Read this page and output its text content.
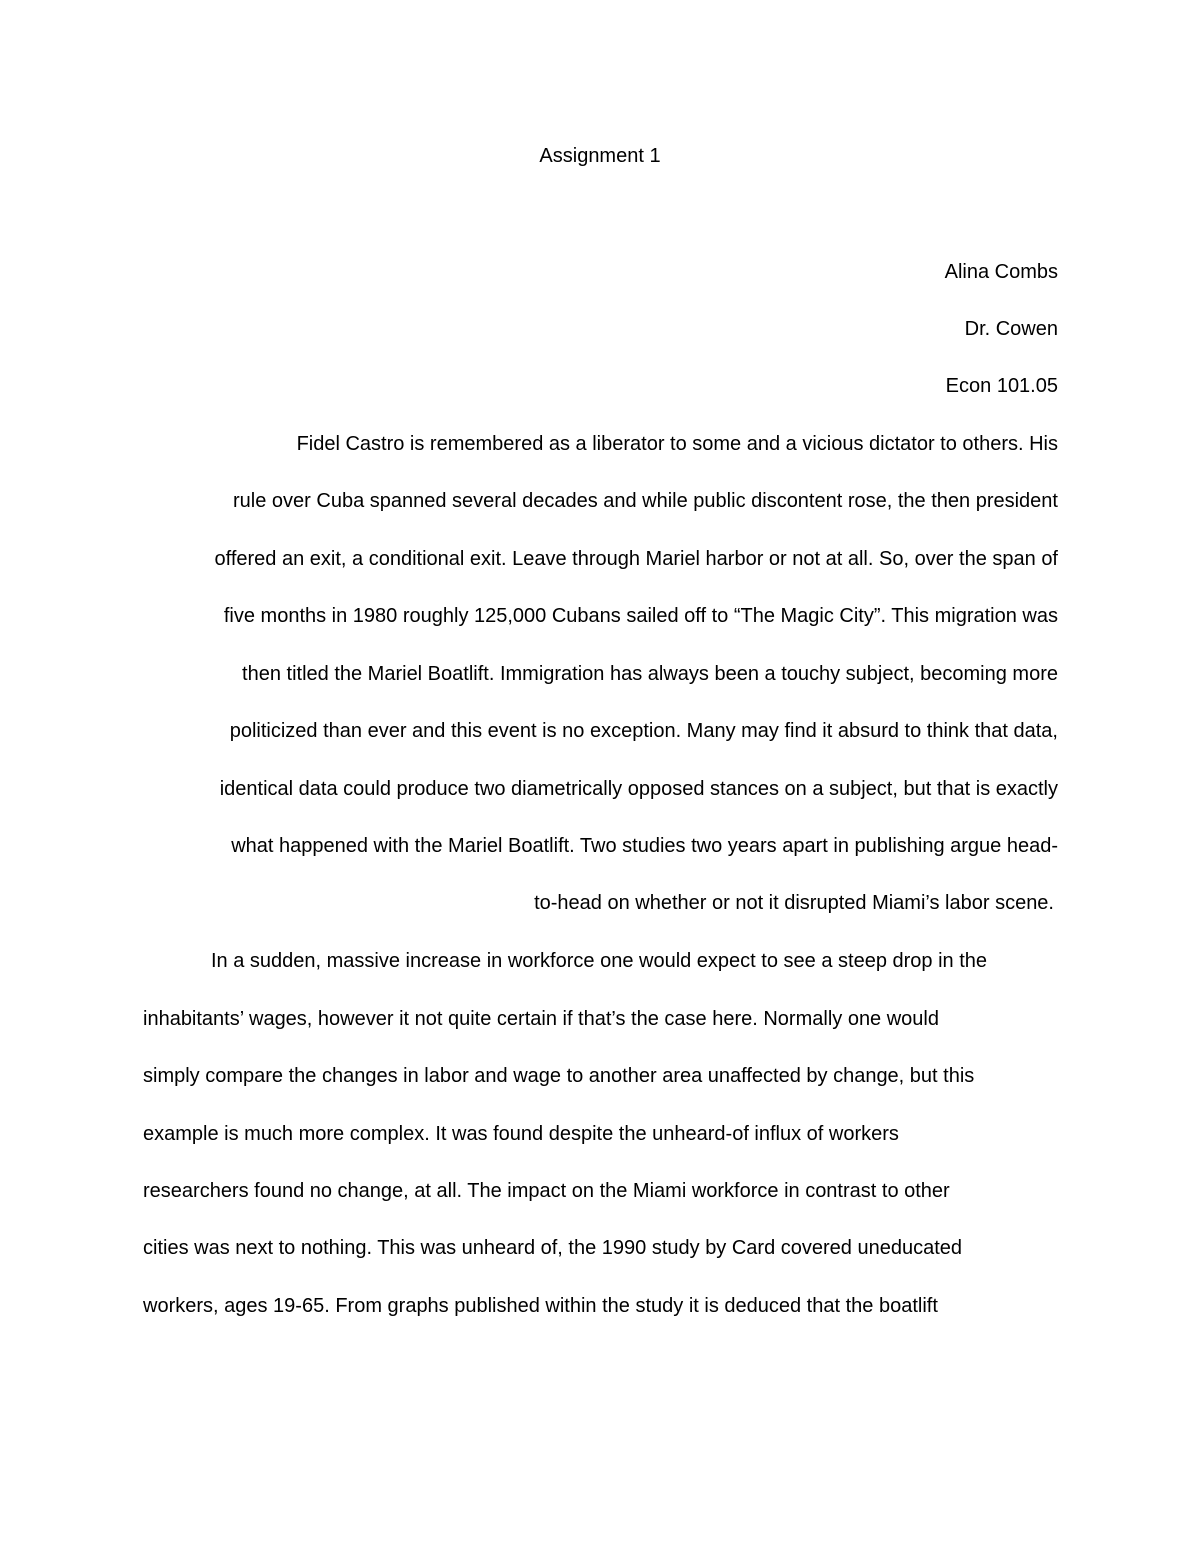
Assignment 1
Alina Combs
Dr. Cowen
Econ 101.05
Fidel Castro is remembered as a liberator to some and a vicious dictator to others. His
rule over Cuba spanned several decades and while public discontent rose, the then president
offered an exit, a conditional exit. Leave through Mariel harbor or not at all. So, over the span of
five months in 1980 roughly 125,000 Cubans sailed off to “The Magic City”. This migration was
then titled the Mariel Boatlift. Immigration has always been a touchy subject, becoming more
politicized than ever and this event is no exception. Many may find it absurd to think that data,
identical data could produce two diametrically opposed stances on a subject, but that is exactly
what happened with the Mariel Boatlift. Two studies two years apart in publishing argue head-
to-head on whether or not it disrupted Miami’s labor scene.
In a sudden, massive increase in workforce one would expect to see a steep drop in the
inhabitants’ wages, however it not quite certain if that’s the case here. Normally one would
simply compare the changes in labor and wage to another area unaffected by change, but this
example is much more complex. It was found despite the unheard-of influx of workers
researchers found no change, at all. The impact on the Miami workforce in contrast to other
cities was next to nothing. This was unheard of, the 1990 study by Card covered uneducated
workers, ages 19-65. From graphs published within the study it is deduced that the boatlift
